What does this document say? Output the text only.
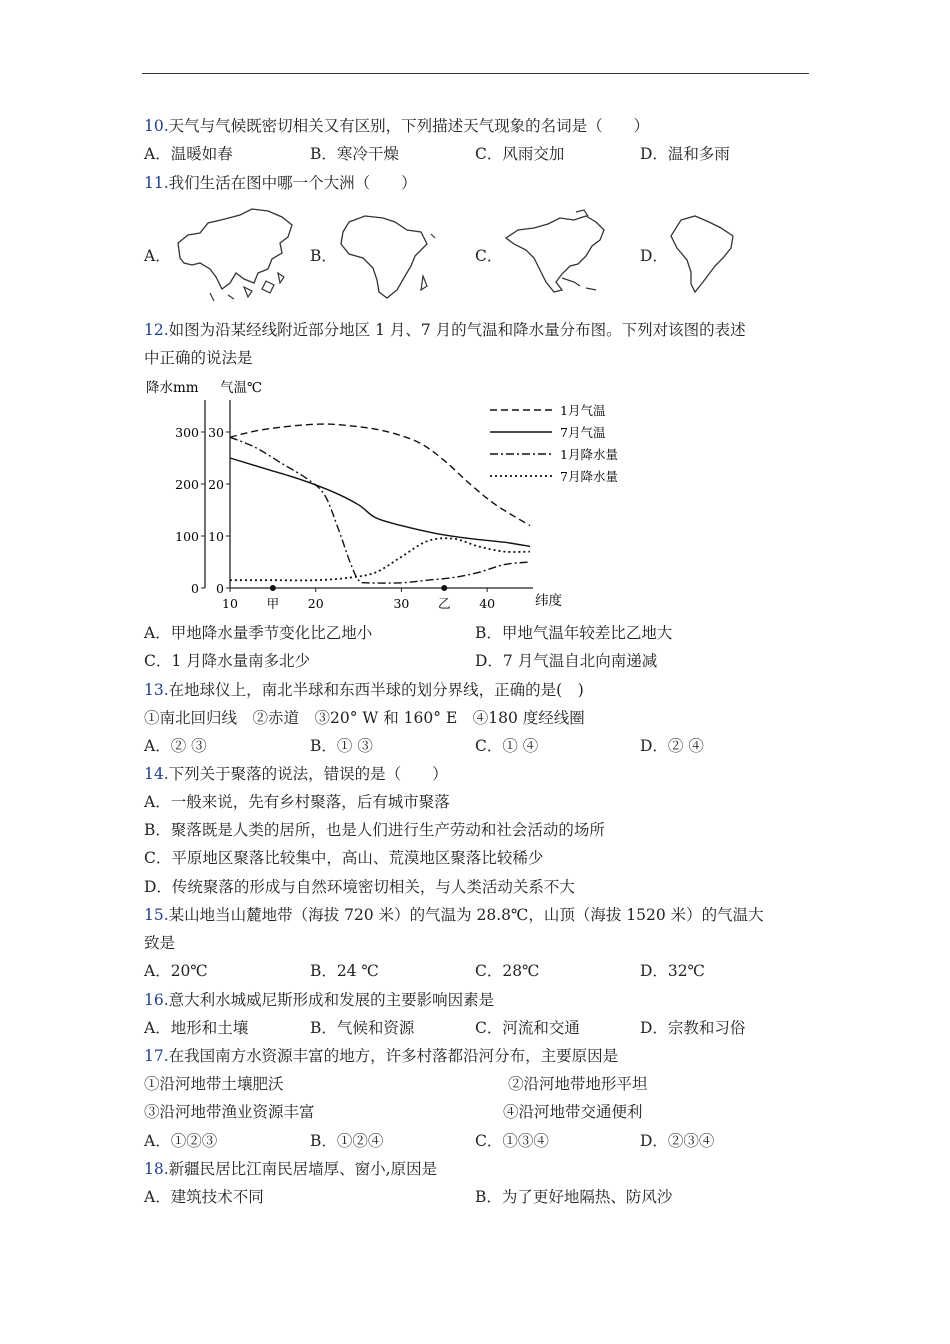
10.天气与气候既密切相关又有区别，下列描述天气现象的名词是（　　）
A．温暖如春	B．寒冷干燥	C．风雨交加	D．温和多雨
11.我们生活在图中哪一个大洲（　　）
A．	B．	C．	D．
12.如图为沿某经线附近部分地区 1 月、7 月的气温和降水量分布图。下列对该图的表述
中正确的说法是
降水mm 气温℃
纬度
300
200
100
0
30
20
10
0
10	20	30	40
甲	乙
1月气温
7月气温
1月降水量
7月降水量
A．甲地降水量季节变化比乙地小	B．甲地气温年较差比乙地大
C．1 月降水量南多北少	D．7 月气温自北向南递减
13.在地球仪上，南北半球和东西半球的划分界线，正确的是(　)
①南北回归线　②赤道　③20° W 和 160° E　④180 度经线圈
A．② ③	B．① ③	C．① ④	D．② ④
14.下列关于聚落的说法，错误的是（　　）
A．一般来说，先有乡村聚落，后有城市聚落
B．聚落既是人类的居所，也是人们进行生产劳动和社会活动的场所
C．平原地区聚落比较集中，高山、荒漠地区聚落比较稀少
D．传统聚落的形成与自然环境密切相关，与人类活动关系不大
15.某山地当山麓地带（海拔 720 米）的气温为 28.8℃，山顶（海拔 1520 米）的气温大
致是
A．20℃	B．24 ℃	C．28℃	D．32℃
16.意大利水城威尼斯形成和发展的主要影响因素是
A．地形和土壤	B．气候和资源	C．河流和交通	D．宗教和习俗
17.在我国南方水资源丰富的地方，许多村落都沿河分布，主要原因是
①沿河地带土壤肥沃	②沿河地带地形平坦
③沿河地带渔业资源丰富	④沿河地带交通便利
A．①②③	B．①②④	C．①③④	D．②③④
18.新疆民居比江南民居墙厚、窗小,原因是
A．建筑技术不同	B．为了更好地隔热、防风沙
